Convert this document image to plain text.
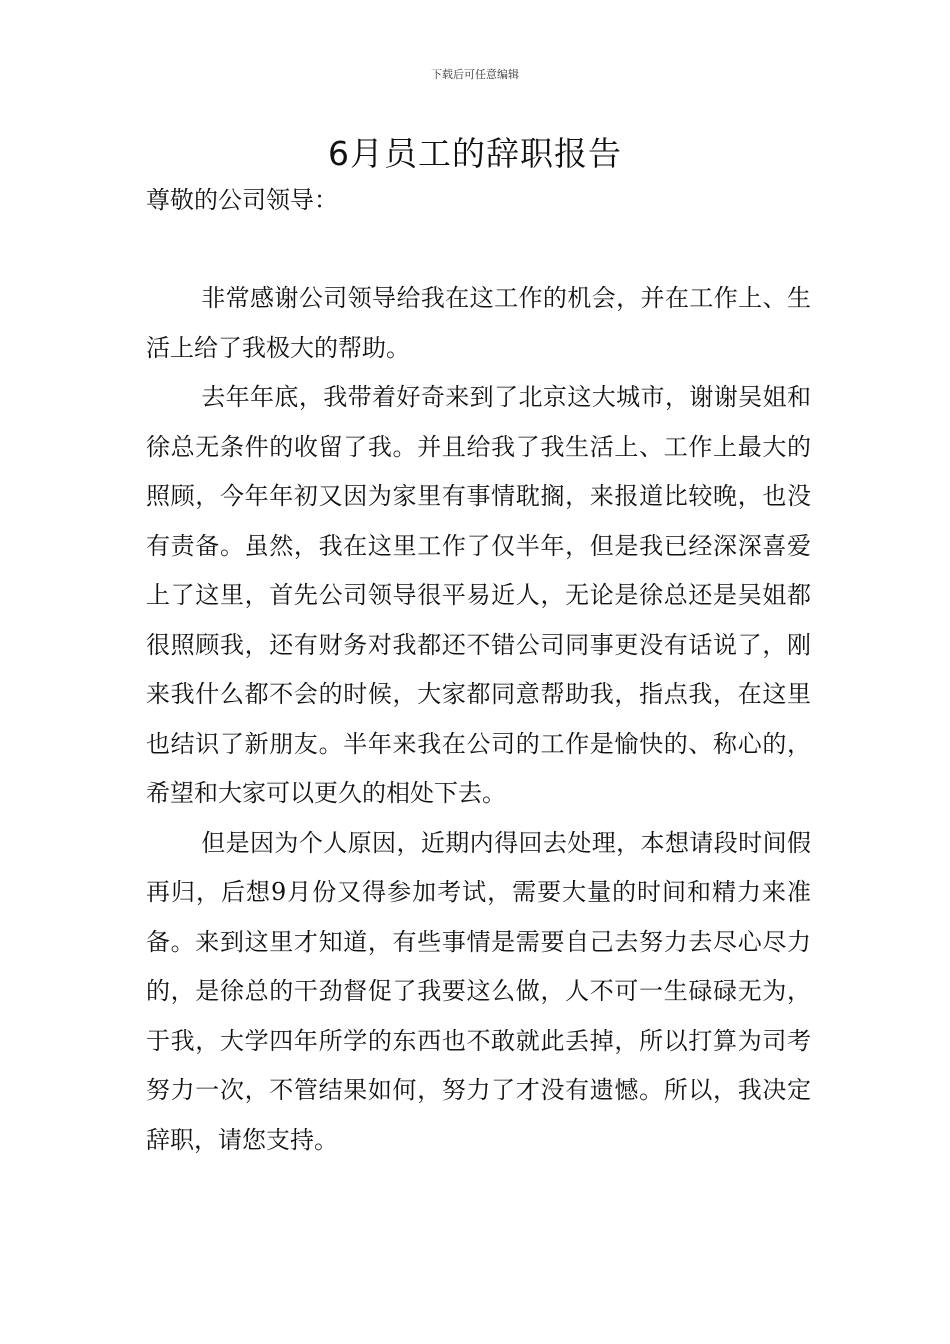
下载后可任意编辑
6月员工的辞职报告
尊敬的公司领导：

非常感谢公司领导给我在这工作的机会，并在工作上、生活上给了我极大的帮助。

去年年底，我带着好奇来到了北京这大城市，谢谢吴姐和徐总无条件的收留了我。并且给我了我生活上、工作上最大的照顾，今年年初又因为家里有事情耽搁，来报道比较晚，也没有责备。虽然，我在这里工作了仅半年，但是我已经深深喜爱上了这里，首先公司领导很平易近人，无论是徐总还是吴姐都很照顾我，还有财务对我都还不错公司同事更没有话说了，刚来我什么都不会的时候，大家都同意帮助我，指点我，在这里也结识了新朋友。半年来我在公司的工作是愉快的、称心的，希望和大家可以更久的相处下去。

但是因为个人原因，近期内得回去处理，本想请段时间假再归，后想9月份又得参加考试，需要大量的时间和精力来准备。来到这里才知道，有些事情是需要自己去努力去尽心尽力的，是徐总的干劲督促了我要这么做，人不可一生碌碌无为，于我，大学四年所学的东西也不敢就此丢掉，所以打算为司考努力一次，不管结果如何，努力了才没有遗憾。所以，我决定辞职，请您支持。
